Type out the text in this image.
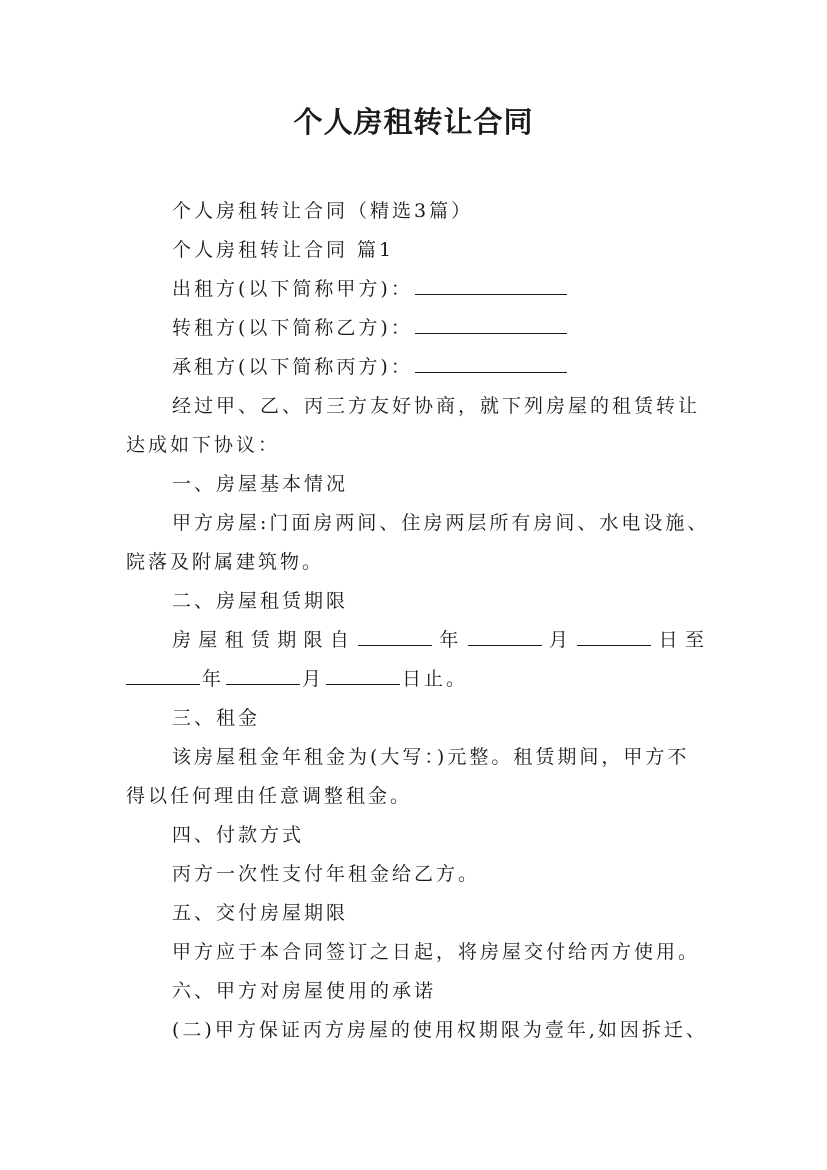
个人房租转让合同

个人房租转让合同（精选3篇）

个人房租转让合同 篇1

出租方(以下简称甲方)：

转租方(以下简称乙方)：

承租方(以下简称丙方)：

经过甲、乙、丙三方友好协商，就下列房屋的租赁转让

达成如下协议：

一、房屋基本情况

甲方房屋:门面房两间、住房两层所有房间、水电设施、

院落及附属建筑物。

二、房屋租赁期限

房屋租赁期限自	年	月	日至

年	月	日止。

三、租金

该房屋租金年租金为(大写：)元整。租赁期间，甲方不

得以任何理由任意调整租金。

四、付款方式

丙方一次性支付年租金给乙方。

五、交付房屋期限

甲方应于本合同签订之日起，将房屋交付给丙方使用。

六、甲方对房屋使用的承诺

(二)甲方保证丙方房屋的使用权期限为壹年,如因拆迁、
